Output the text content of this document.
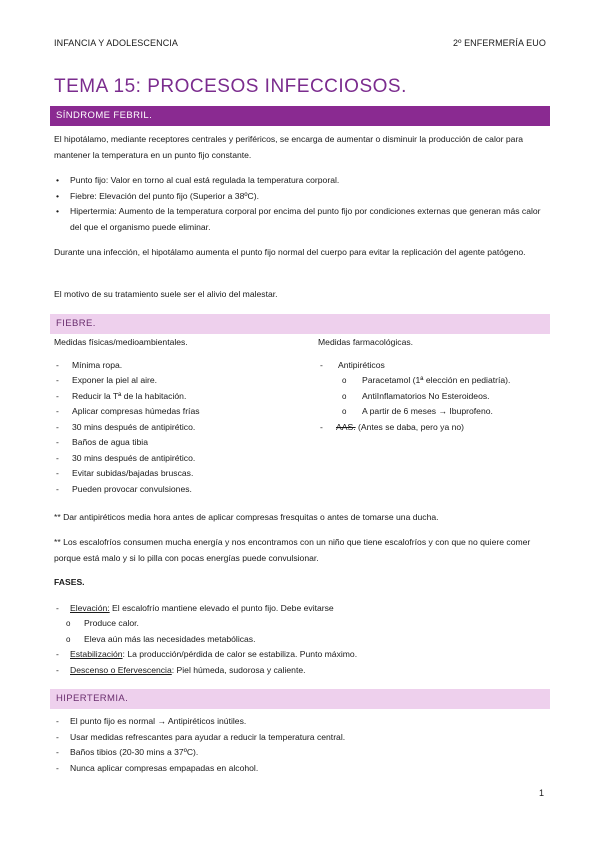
INFANCIA Y ADOLESCENCIA	2º ENFERMERÍA EUO
TEMA 15: PROCESOS INFECCIOSOS.
SÍNDROME FEBRIL.
El hipotálamo, mediante receptores centrales y periféricos, se encarga de aumentar o disminuir la producción de calor para mantener la temperatura en un punto fijo constante.
• Punto fijo: Valor en torno al cual está regulada la temperatura corporal.
• Fiebre: Elevación del punto fijo (Superior a 38ºC).
• Hipertermia: Aumento de la temperatura corporal por encima del punto fijo por condiciones externas que generan más calor del que el organismo puede eliminar.
Durante una infección, el hipotálamo aumenta el punto fijo normal del cuerpo para evitar la replicación del agente patógeno.
El motivo de su tratamiento suele ser el alivio del malestar.
FIEBRE.
Medidas físicas/medioambientales.
- Mínima ropa.
- Exponer la piel al aire.
- Reducir la Tª de la habitación.
- Aplicar compresas húmedas frías
- 30 mins después de antipirético.
- Baños de agua tibia
- 30 mins después de antipirético.
- Evitar subidas/bajadas bruscas.
- Pueden provocar convulsiones.
Medidas farmacológicas.
- Antipiréticos
o Paracetamol (1ª elección en pediatría).
o AntiInflamatorios No Esteroideos.
o A partir de 6 meses → Ibuprofeno.
- AAS. (Antes se daba, pero ya no)
** Dar antipiréticos media hora antes de aplicar compresas fresquitas o antes de tomarse una ducha.
** Los escalofríos consumen mucha energía y nos encontramos con un niño que tiene escalofríos y con que no quiere comer porque está malo y si lo pilla con pocas energías puede convulsionar.
FASES.
- Elevación: El escalofrío mantiene elevado el punto fijo. Debe evitarse
o Produce calor.
o Eleva aún más las necesidades metabólicas.
- Estabilización: La producción/pérdida de calor se estabiliza. Punto máximo.
- Descenso o Efervescencia: Piel húmeda, sudorosa y caliente.
HIPERTERMIA.
- El punto fijo es normal → Antipiréticos inútiles.
- Usar medidas refrescantes para ayudar a reducir la temperatura central.
- Baños tibios (20-30 mins a 37ºC).
- Nunca aplicar compresas empapadas en alcohol.
1
